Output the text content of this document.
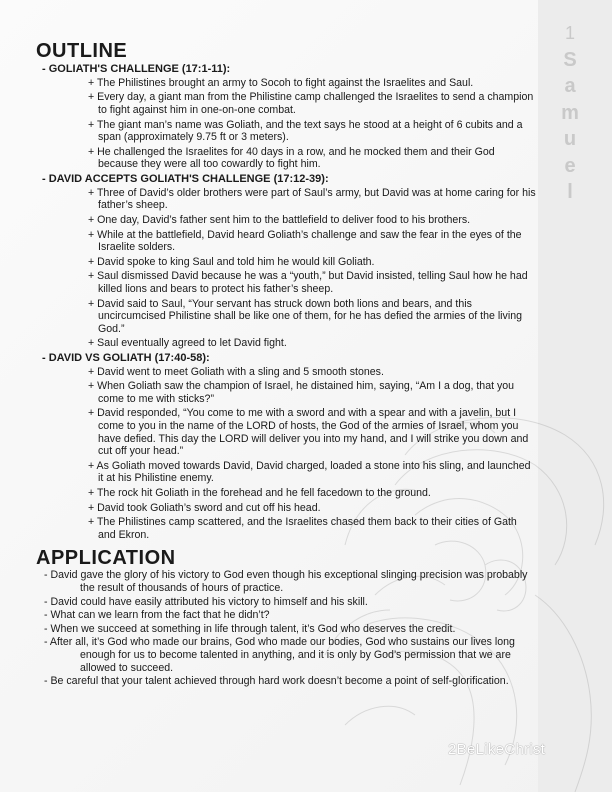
1
S
a
m
u
e
l
OUTLINE
- GOLIATH'S CHALLENGE (17:1-11):
+ The Philistines brought an army to Socoh to fight against the Israelites and Saul.
+ Every day, a giant man from the Philistine camp challenged the Israelites to send a champion to fight against him in one-on-one combat.
+ The giant man’s name was Goliath, and the text says he stood at a height of 6 cubits and a span (approximately 9.75 ft or 3 meters).
+ He challenged the Israelites for 40 days in a row, and he mocked them and their God because they were all too cowardly to fight him.
- DAVID ACCEPTS GOLIATH'S CHALLENGE (17:12-39):
+ Three of David’s older brothers were part of Saul’s army, but David was at home caring for his father’s sheep.
+ One day, David’s father sent him to the battlefield to deliver food to his brothers.
+ While at the battlefield, David heard Goliath’s challenge and saw the fear in the eyes of the Israelite solders.
+ David spoke to king Saul and told him he would kill Goliath.
+ Saul dismissed David because he was a “youth,” but David insisted, telling Saul how he had killed lions and bears to protect his father’s sheep.
+ David said to Saul, “Your servant has struck down both lions and bears, and this uncircumcised Philistine shall be like one of them, for he has defied the armies of the living God.”
+ Saul eventually agreed to let David fight.
- DAVID VS GOLIATH (17:40-58):
+ David went to meet Goliath with a sling and 5 smooth stones.
+ When Goliath saw the champion of Israel, he distained him, saying, “Am I a dog, that you come to me with sticks?”
+ David responded, “You come to me with a sword and with a spear and with a javelin, but I come to you in the name of the LORD of hosts, the God of the armies of Israel, whom you have defied. This day the LORD will deliver you into my hand, and I will strike you down and cut off your head.”
+ As Goliath moved towards David, David charged, loaded a stone into his sling, and launched it at his Philistine enemy.
+ The rock hit Goliath in the forehead and he fell facedown to the ground.
+ David took Goliath’s sword and cut off his head.
+ The Philistines camp scattered, and the Israelites chased them back to their cities of Gath and Ekron.
APPLICATION
- David gave the glory of his victory to God even though his exceptional slinging precision was probably the result of thousands of hours of practice.
- David could have easily attributed his victory to himself and his skill.
- What can we learn from the fact that he didn’t?
- When we succeed at something in life through talent, it’s God who deserves the credit.
- After all, it’s God who made our brains, God who made our bodies, God who sustains our lives long enough for us to become talented in anything, and it is only by God’s permission that we are allowed to succeed.
- Be careful that your talent achieved through hard work doesn’t become a point of self-glorification.
2BeLikeChrist
